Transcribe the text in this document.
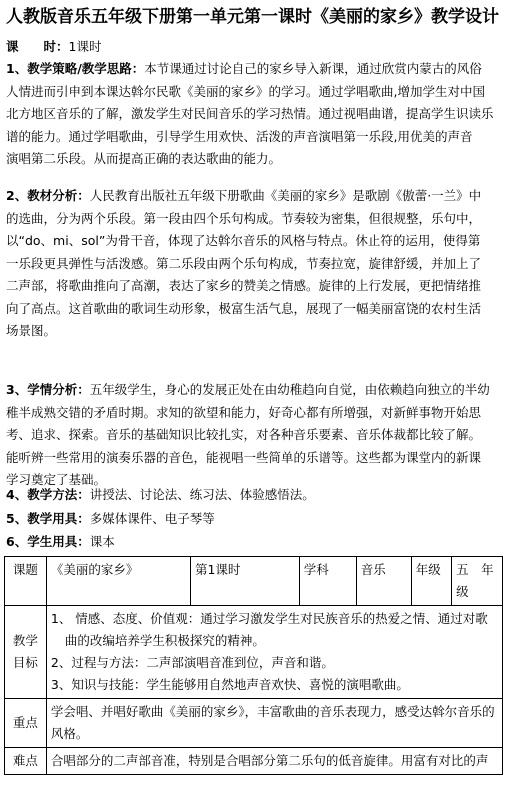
人教版音乐五年级下册第一单元第一课时《美丽的家乡》教学设计
课　　时：1课时
1、教学策略/教学思路：本节课通过讨论自己的家乡导入新课，通过欣赏内蒙古的风俗
人情进而引申到本课达斡尔民歌《美丽的家乡》的学习。通过学唱歌曲,增加学生对中国
北方地区音乐的了解，激发学生对民间音乐的学习热情。通过视唱曲谱，提高学生识读乐
谱的能力。通过学唱歌曲，引导学生用欢快、活泼的声音演唱第一乐段,用优美的声音
演唱第二乐段。从而提高正确的表达歌曲的能力。
2、教材分析：人民教育出版社五年级下册歌曲《美丽的家乡》是歌剧《傲蕾·一兰》中
的选曲，分为两个乐段。第一段由四个乐句构成。节奏较为密集，但很规整，乐句中，
以“do、mi、sol”为骨干音，体现了达斡尔音乐的风格与特点。休止符的运用，使得第
一乐段更具弹性与活泼感。第二乐段由两个乐句构成，节奏拉宽，旋律舒缓，并加上了
二声部，将歌曲推向了高潮，表达了家乡的赞美之情感。旋律的上行发展，更把情绪推
向了高点。这首歌曲的歌词生动形象，极富生活气息，展现了一幅美丽富饶的农村生活
场景图。
3、学情分析：五年级学生，身心的发展正处在由幼稚趋向自觉，由依赖趋向独立的半幼
稚半成熟交错的矛盾时期。求知的欲望和能力，好奇心都有所增强，对新鲜事物开始思
考、追求、探索。音乐的基础知识比较扎实，对各种音乐要素、音乐体裁都比较了解。
能听辨一些常用的演奏乐器的音色，能视唱一些简单的乐谱等。这些都为课堂内的新课
学习奠定了基础。
4、教学方法：讲授法、讨论法、练习法、体验感悟法。
5、教学用具：多媒体课件、电子琴等
6、学生用具：课本
课题	《美丽的家乡》	第1课时	学科	音乐	年级	五　年级
教学目标	1、 情感、态度、价值观：通过学习激发学生对民族音乐的热爱之情、通过对歌曲的改编培养学生积极探究的精神。
2、过程与方法：二声部演唱音准到位，声音和谐。
3、知识与技能：学生能够用自然地声音欢快、喜悦的演唱歌曲。					

重点	学会唱、并唱好歌曲《美丽的家乡》，丰富歌曲的音乐表现力，感受达斡尔音乐的风格。					
难点	合唱部分的二声部音准，特别是合唱部分第二乐句的低音旋律。用富有对比的声					
